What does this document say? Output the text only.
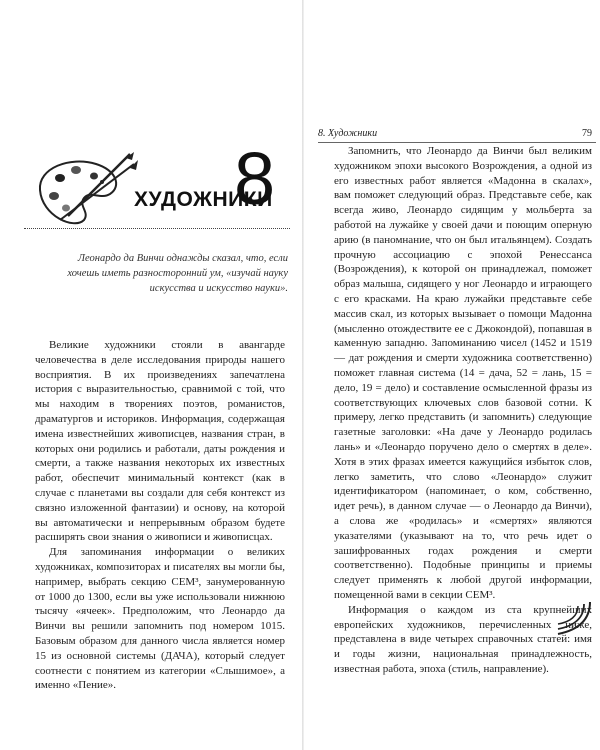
ХУДОЖНИКИ
8
Леонардо да Винчи однажды сказал, что, если хочешь иметь разносторонний ум, «изучай науку искусства и искусство науки».

Великие художники стояли в авангарде человечества в деле исследования природы нашего восприятия. В их произведениях запечатлена история с выразительностью, сравнимой с той, что мы находим в творениях поэтов, романистов, драматургов и историков. Информация, содержащая имена известнейших живописцев, названия стран, в которых они родились и работали, даты рождения и смерти, а также названия некоторых их известных работ, обеспечит минимальный контекст (как в случае с планетами вы создали для себя контекст из связно изложенной фантазии) и основу, на которой вы автоматически и непрерывным образом будете расширять свои знания о живописи и живописцах.

Для запоминания информации о великих художниках, композиторах и писателях вы могли бы, например, выбрать секцию СЕМ³, занумерованную от 1000 до 1300, если вы уже использовали нижнюю тысячу «ячеек». Предположим, что Леонардо да Винчи вы решили запомнить под номером 1015. Базовым образом для данного числа является номер 15 из основной системы (ДАЧА), который следует соотнести с понятием из категории «Слышимое», а именно «Пение».

8. Художники	79

Запомнить, что Леонардо да Винчи был великим художником эпохи высокого Возрождения, а одной из его известных работ является «Мадонна в скалах», вам поможет следующий образ. Представьте себе, как всегда живо, Леонардо сидящим у мольберта за работой на лужайке у своей дачи и поющим оперную арию (в паномнание, что он был итальянцем). Создать прочную ассоциацию с эпохой Ренессанса (Возрождения), к которой он принадлежал, поможет образ малыша, сидящего у ног Леонардо и играющего с его красками. На краю лужайки представьте себе массив скал, из которых вызывает о помощи Мадонна (мысленно отождествите ее с Джокондой), попавшая в каменную западню. Запоминанию чисел (1452 и 1519 — дат рождения и смерти художника соответственно) поможет главная система (14 = дача, 52 = лань, 15 = дело, 19 = дело) и составление осмысленной фразы из соответствующих ключевых слов базовой сотни. К примеру, легко представить (и запомнить) следующие газетные заголовки: «На даче у Леонардо родилась лань» и «Леонардо поручено дело о смертях в деле». Хотя в этих фразах имеется кажущийся избыток слов, легко заметить, что слово «Леонардо» служит идентификатором (напоминает, о ком, собственно, идет речь), в данном случае — о Леонардо да Винчи), а слова же «родилась» и «смертях» являются указателями (указывают на то, что речь идет о зашифрованных годах рождения и смерти соответственно). Подобные принципы и приемы следует применять к любой другой информации, помещенной вами в секции СЕМ³.

Информация о каждом из ста крупнейших европейских художников, перечисленных ниже, представлена в виде четырех справочных статей: имя и годы жизни, национальная принадлежность, известная работа, эпоха (стиль, направление).
